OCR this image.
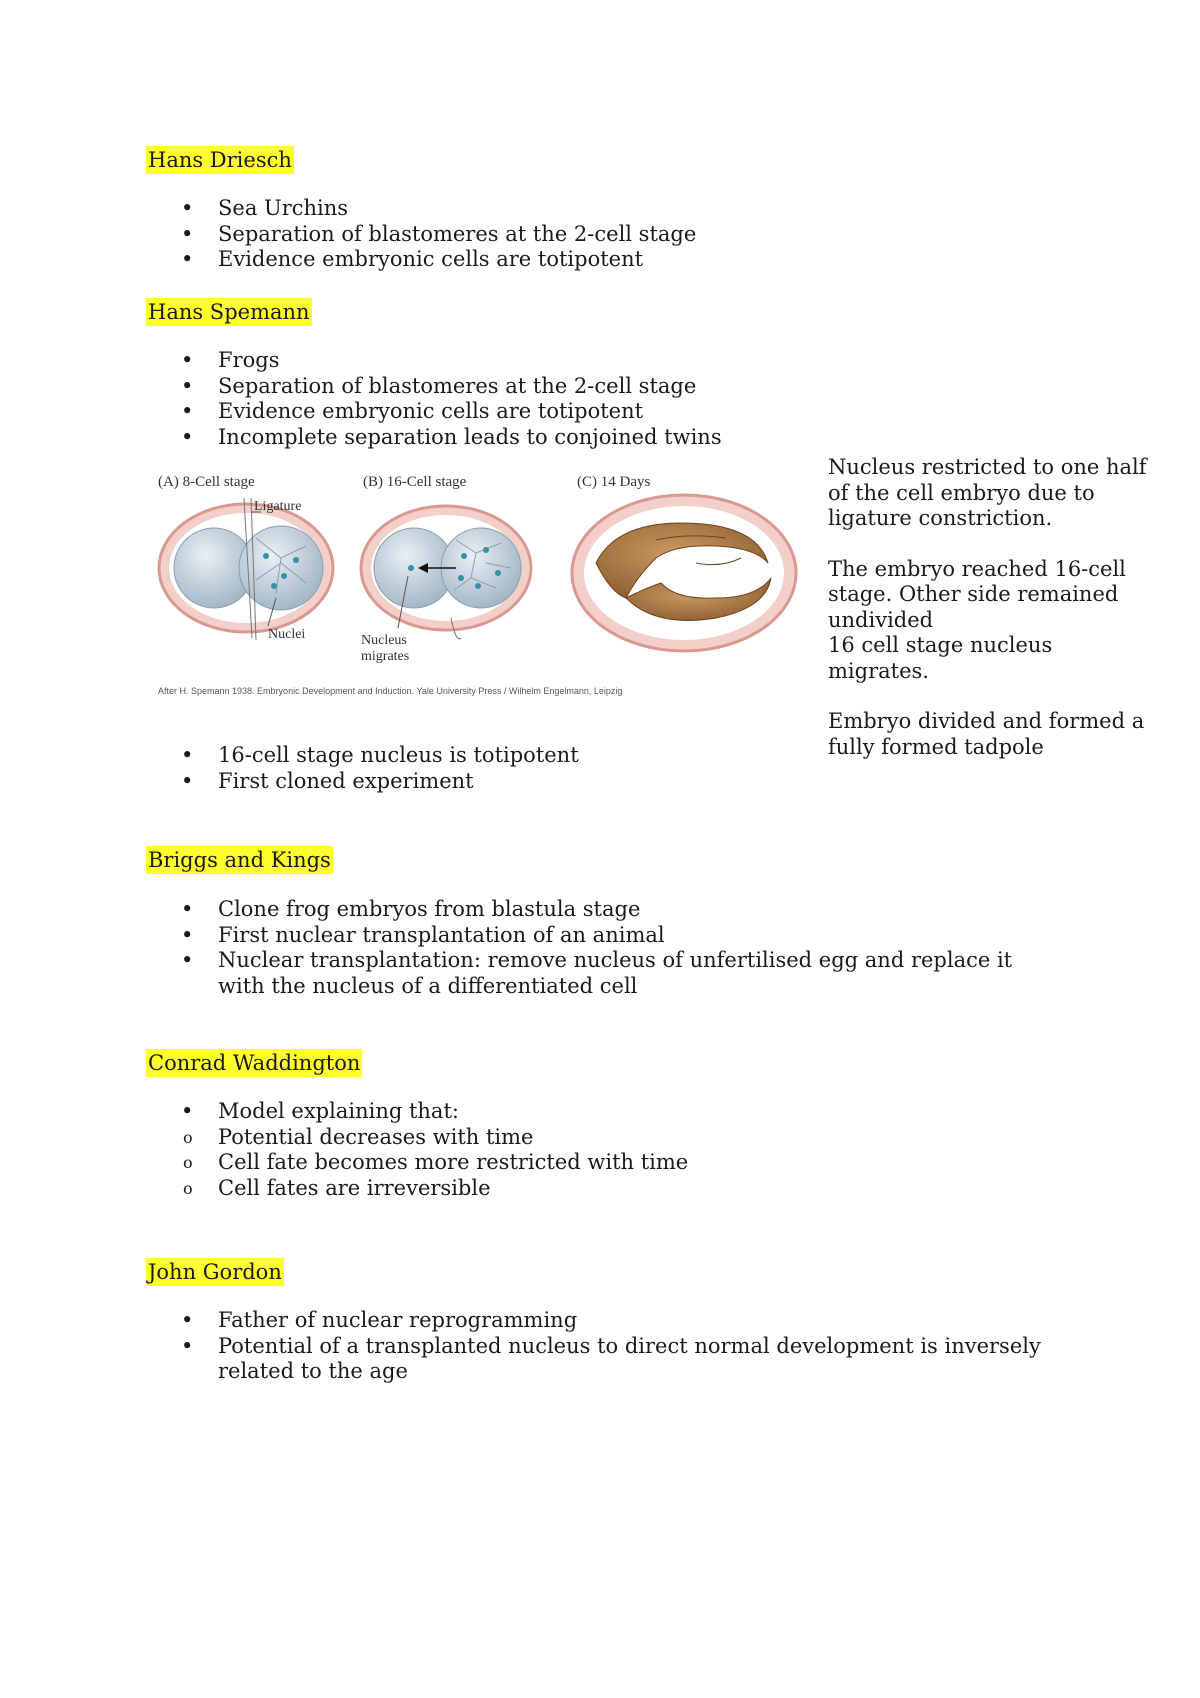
Hans Driesch
•	Sea Urchins
•	Separation of blastomeres at the 2-cell stage
•	Evidence embryonic cells are totipotent
Hans Spemann
•	Frogs
•	Separation of blastomeres at the 2-cell stage
•	Evidence embryonic cells are totipotent
•	Incomplete separation leads to conjoined twins
(A) 8-Cell stage	(B) 16-Cell stage	(C) 14 Days
Ligature
Nuclei	Nucleus
migrates
After H. Spemann 1938. Embryonic Development and Induction. Yale University Press / Wilhelm Engelmann, Leipzig

Nucleus restricted to one half of the cell embryo due to ligature constriction.

The embryo reached 16-cell stage. Other side remained undivided

16 cell stage nucleus migrates.

Embryo divided and formed a fully formed tadpole

•	16-cell stage nucleus is totipotent
•	First cloned experiment
Briggs and Kings
•	Clone frog embryos from blastula stage
•	First nuclear transplantation of an animal
•	Nuclear transplantation: remove nucleus of unfertilised egg and replace it with the nucleus of a differentiated cell
Conrad Waddington
•	Model explaining that:
o	Potential decreases with time
o	Cell fate becomes more restricted with time
o	Cell fates are irreversible
John Gordon
•	Father of nuclear reprogramming
•	Potential of a transplanted nucleus to direct normal development is inversely related to the age
